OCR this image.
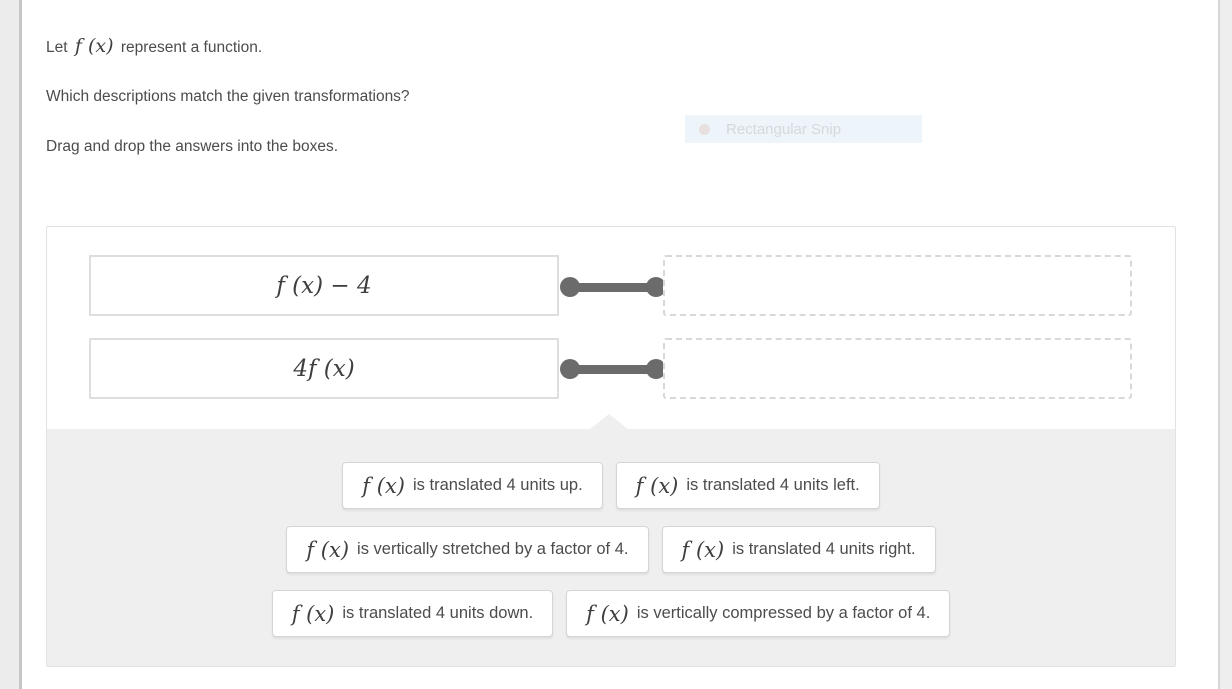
Let f (x) represent a function.
Which descriptions match the given transformations?
Drag and drop the answers into the boxes.
Rectangular Snip
f (x) − 4
4f (x)
f (x) is translated 4 units up.	f (x) is translated 4 units left.
f (x) is vertically stretched by a factor of 4.	f (x) is translated 4 units right.
f (x) is translated 4 units down.	f (x) is vertically compressed by a factor of 4.
